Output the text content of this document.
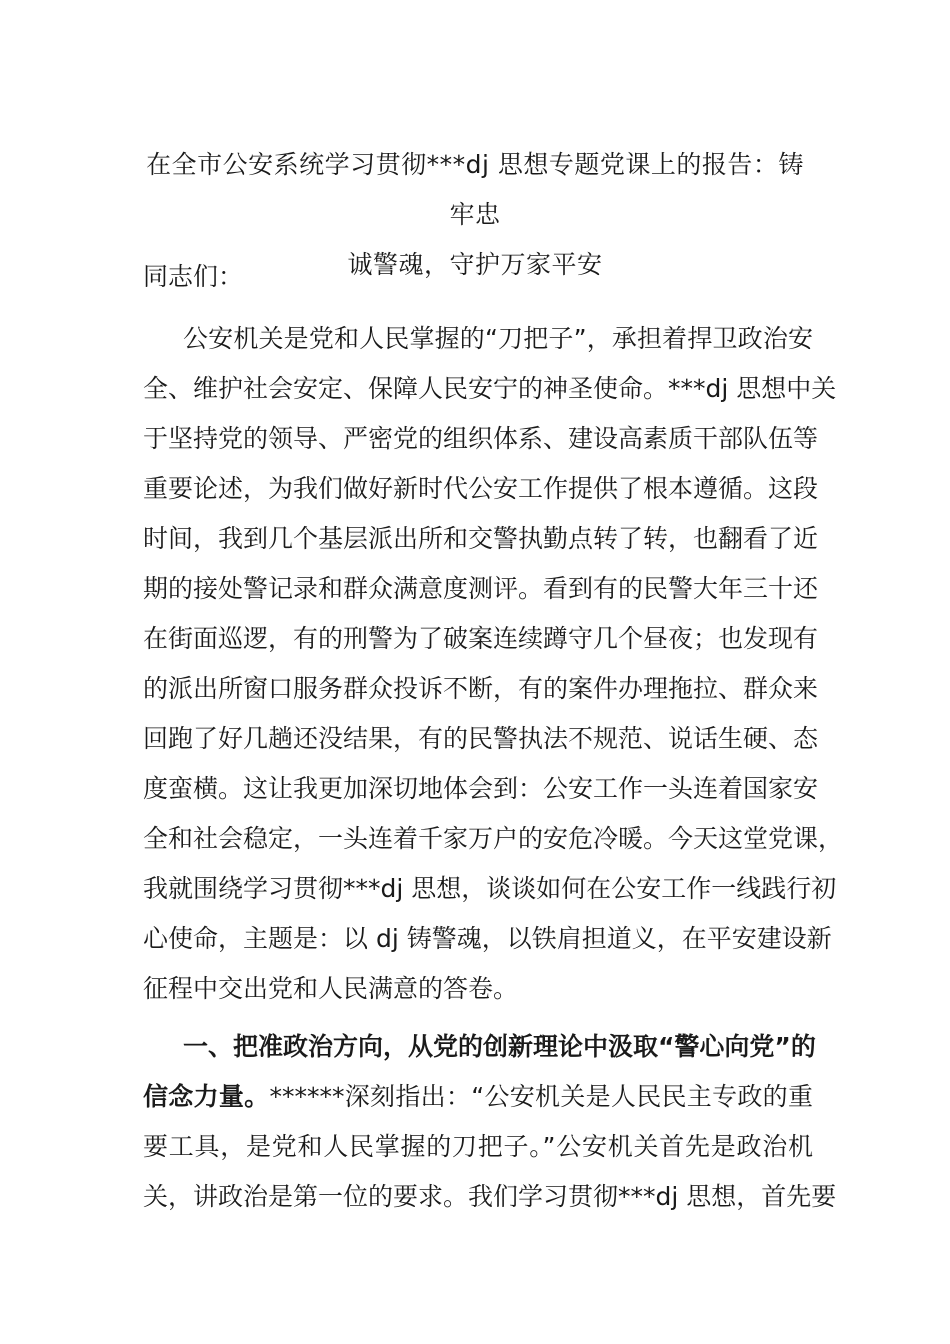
在全市公安系统学习贯彻***dj 思想专题党课上的报告：铸牢忠
诚警魂，守护万家平安
同志们：
公安机关是党和人民掌握的“刀把子”，承担着捍卫政治安
全、维护社会安定、保障人民安宁的神圣使命。***dj 思想中关
于坚持党的领导、严密党的组织体系、建设高素质干部队伍等
重要论述，为我们做好新时代公安工作提供了根本遵循。这段
时间，我到几个基层派出所和交警执勤点转了转，也翻看了近
期的接处警记录和群众满意度测评。看到有的民警大年三十还
在街面巡逻，有的刑警为了破案连续蹲守几个昼夜；也发现有
的派出所窗口服务群众投诉不断，有的案件办理拖拉、群众来
回跑了好几趟还没结果，有的民警执法不规范、说话生硬、态
度蛮横。这让我更加深切地体会到：公安工作一头连着国家安
全和社会稳定，一头连着千家万户的安危冷暖。今天这堂党课，
我就围绕学习贯彻***dj 思想，谈谈如何在公安工作一线践行初
心使命，主题是：以 dj 铸警魂，以铁肩担道义，在平安建设新
征程中交出党和人民满意的答卷。
一、把准政治方向，从党的创新理论中汲取“警心向党”的
信念力量。******深刻指出：“公安机关是人民民主专政的重
要工具，是党和人民掌握的刀把子。”公安机关首先是政治机
关，讲政治是第一位的要求。我们学习贯彻***dj 思想，首先要
